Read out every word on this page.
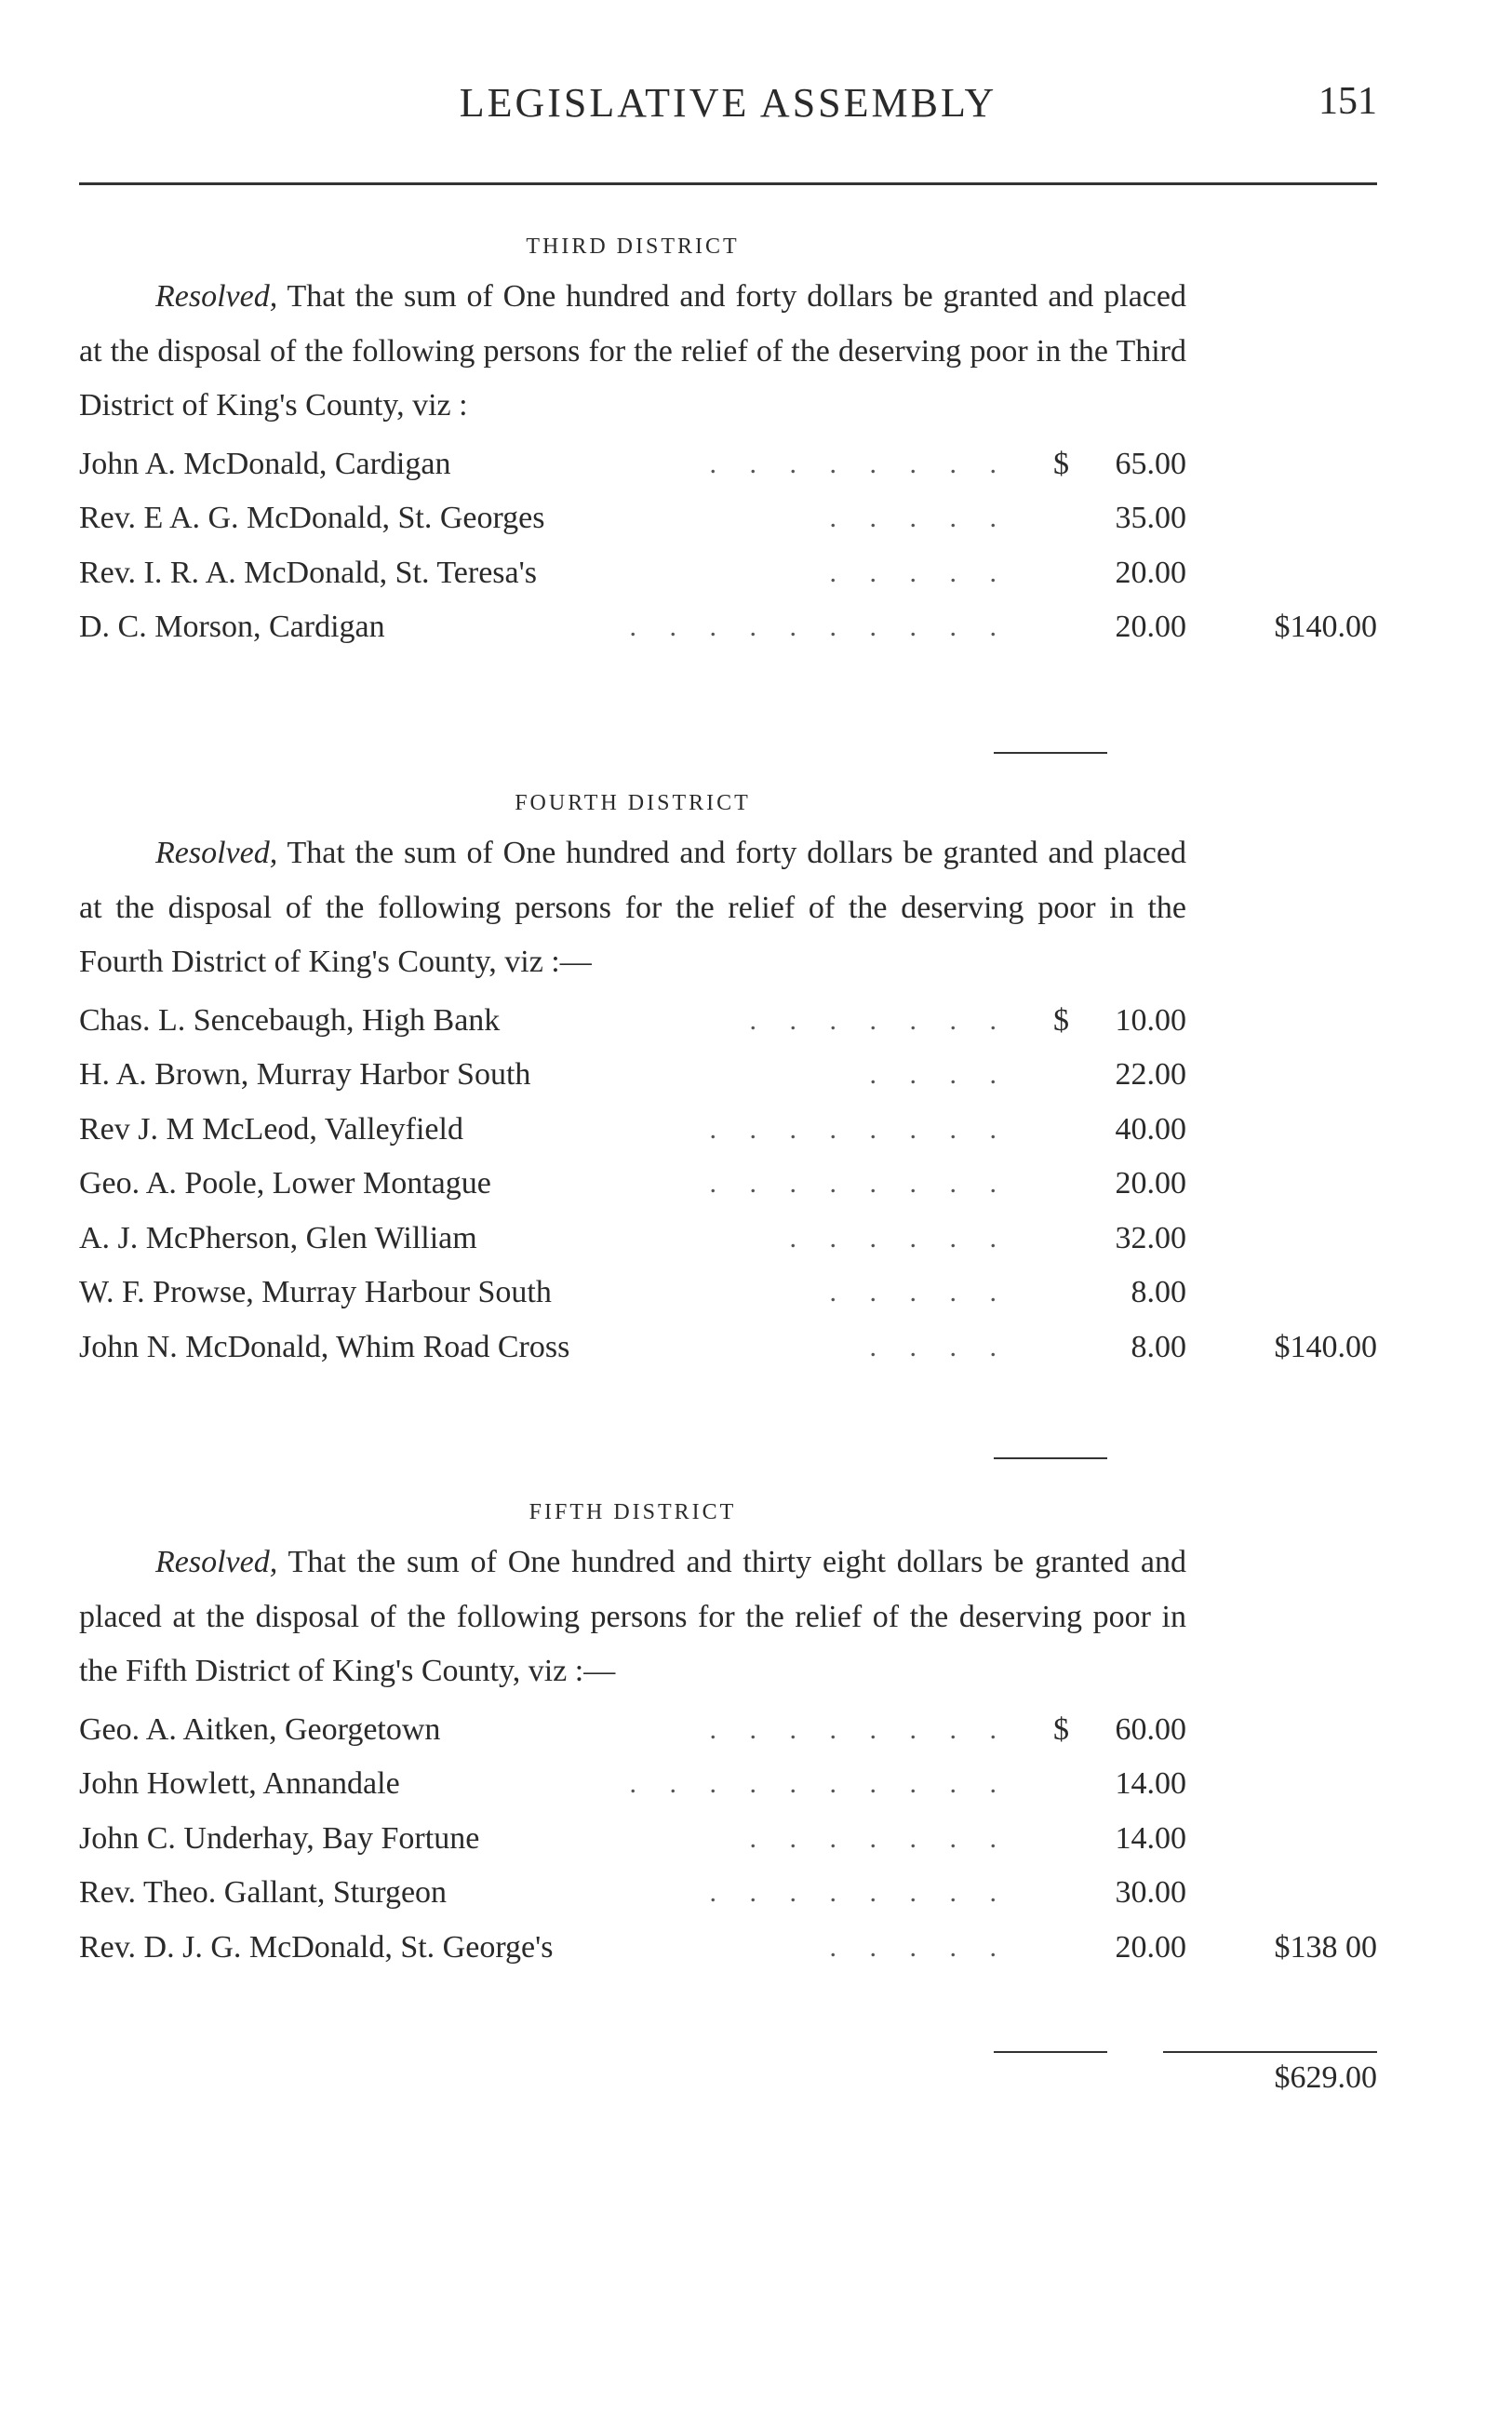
LEGISLATIVE ASSEMBLY	151
THIRD DISTRICT

Resolved, That the sum of One hundred and forty dollars be granted and placed at the disposal of the following persons for the relief of the deserving poor in the Third District of King's County, viz :

John A. McDonald, Cardigan	. . . . . . . . $ 65.00
Rev. E A. G. McDonald, St. Georges	. . . . .	35.00
Rev. I. R. A. McDonald, St. Teresa's	. . . . .	20.00
D. C. Morson, Cardigan	. . . . . . . . . .	20.00	$140.00
FOURTH DISTRICT

Resolved, That the sum of One hundred and forty dollars be granted and placed at the disposal of the following persons for the relief of the deserving poor in the Fourth District of King's County, viz :—

Chas. L. Sencebaugh, High Bank	. . . . . . . $ 10.00
H. A. Brown, Murray Harbor South	. . . .	22.00
Rev J. M McLeod, Valleyfield	. . . . . . . .	40.00
Geo. A. Poole, Lower Montague	. . . . . . . .	20.00
A. J. McPherson, Glen William	. . . . . .	32.00
W. F. Prowse, Murray Harbour South	. . . . .	8.00
John N. McDonald, Whim Road Cross	. . . .	8.00	$140.00
FIFTH DISTRICT

Resolved, That the sum of One hundred and thirty eight dollars be granted and placed at the disposal of the following persons for the relief of the deserving poor in the Fifth District of King's County, viz :—

Geo. A. Aitken, Georgetown	. . . . . . . . $ 60.00
John Howlett, Annandale	. . . . . . . . . .	14.00
John C. Underhay, Bay Fortune	. . . . . . .	14.00
Rev. Theo. Gallant, Sturgeon	. . . . . . . .	30.00
Rev. D. J. G. McDonald, St. George's	. . . . .	20.00	$138 00
$629.00
